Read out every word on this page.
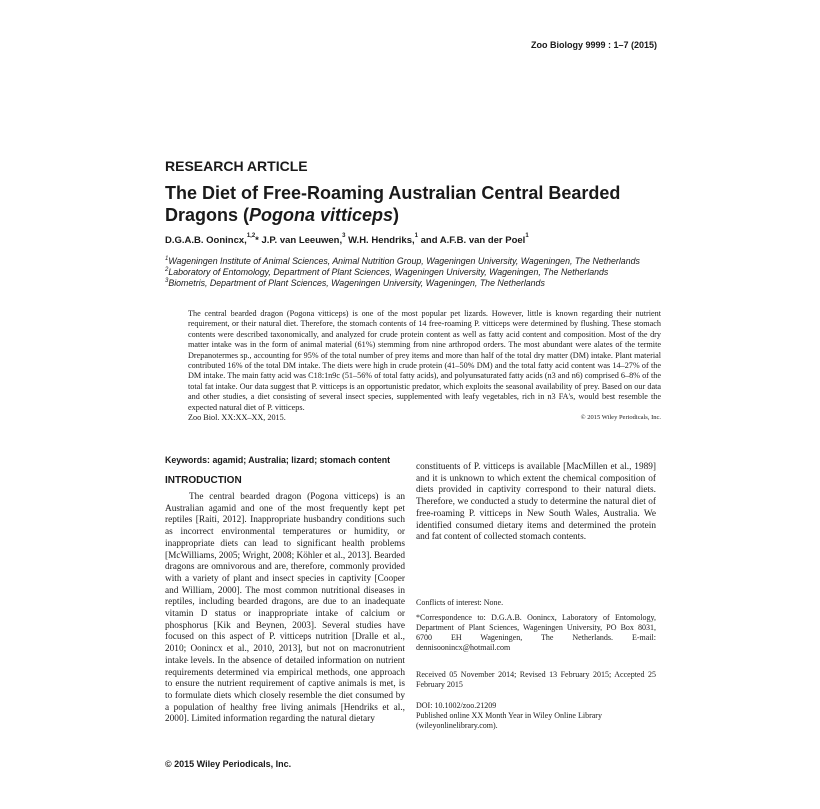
Zoo Biology 9999 : 1–7 (2015)
RESEARCH ARTICLE
The Diet of Free-Roaming Australian Central Bearded Dragons (Pogona vitticeps)
D.G.A.B. Oonincx,$^{1,2}$* J.P. van Leeuwen,$^3$ W.H. Hendriks,$^1$ and A.F.B. van der Poel$^1$
$^1$Wageningen Institute of Animal Sciences, Animal Nutrition Group, Wageningen University, Wageningen, The Netherlands
$^2$Laboratory of Entomology, Department of Plant Sciences, Wageningen University, Wageningen, The Netherlands
$^3$Biometris, Department of Plant Sciences, Wageningen University, Wageningen, The Netherlands
The central bearded dragon (Pogona vitticeps) is one of the most popular pet lizards. However, little is known regarding their nutrient requirement, or their natural diet. Therefore, the stomach contents of 14 free-roaming P. vitticeps were determined by flushing. These stomach contents were described taxonomically, and analyzed for crude protein content as well as fatty acid content and composition. Most of the dry matter intake was in the form of animal material (61%) stemming from nine arthropod orders. The most abundant were alates of the termite Drepanotermes sp., accounting for 95% of the total number of prey items and more than half of the total dry matter (DM) intake. Plant material contributed 16% of the total DM intake. The diets were high in crude protein (41–50% DM) and the total fatty acid content was 14–27% of the DM intake. The main fatty acid was C18:1n9c (51–56% of total fatty acids), and polyunsaturated fatty acids (n3 and n6) comprised 6–8% of the total fat intake. Our data suggest that P. vitticeps is an opportunistic predator, which exploits the seasonal availability of prey. Based on our data and other studies, a diet consisting of several insect species, supplemented with leafy vegetables, rich in n3 FA's, would best resemble the expected natural diet of P. vitticeps.
Zoo Biol. XX:XX–XX, 2015.	© 2015 Wiley Periodicals, Inc.
Keywords: agamid; Australia; lizard; stomach content
INTRODUCTION

The central bearded dragon (Pogona vitticeps) is an Australian agamid and one of the most frequently kept pet reptiles [Raiti, 2012]. Inappropriate husbandry conditions such as incorrect environmental temperatures or humidity, or inappropriate diets can lead to significant health problems [McWilliams, 2005; Wright, 2008; Köhler et al., 2013]. Bearded dragons are omnivorous and are, therefore, commonly provided with a variety of plant and insect species in captivity [Cooper and William, 2000]. The most common nutritional diseases in reptiles, including bearded dragons, are due to an inadequate vitamin D status or inappropriate intake of calcium or phosphorus [Kik and Beynen, 2003]. Several studies have focused on this aspect of P. vitticeps nutrition [Dralle et al., 2010; Oonincx et al., 2010, 2013], but not on macronutrient intake levels. In the absence of detailed information on nutrient requirements determined via empirical methods, one approach to ensure the nutrient requirement of captive animals is met, is to formulate diets which closely resemble the diet consumed by a population of healthy free living animals [Hendriks et al., 2000]. Limited information regarding the natural dietary

constituents of P. vitticeps is available [MacMillen et al., 1989] and it is unknown to which extent the chemical composition of diets provided in captivity correspond to their natural diets. Therefore, we conducted a study to determine the natural diet of free-roaming P. vitticeps in New South Wales, Australia. We identified consumed dietary items and determined the protein and fat content of collected stomach contents.

Conflicts of interest: None.
*Correspondence to: D.G.A.B. Oonincx, Laboratory of Entomology, Department of Plant Sciences, Wageningen University, PO Box 8031, 6700 EH Wageningen, The Netherlands. E-mail: dennisoonincx@hotmail.com
Received 05 November 2014; Revised 13 February 2015; Accepted 25 February 2015
DOI: 10.1002/zoo.21209
Published online XX Month Year in Wiley Online Library (wileyonlinelibrary.com).
© 2015 Wiley Periodicals, Inc.
